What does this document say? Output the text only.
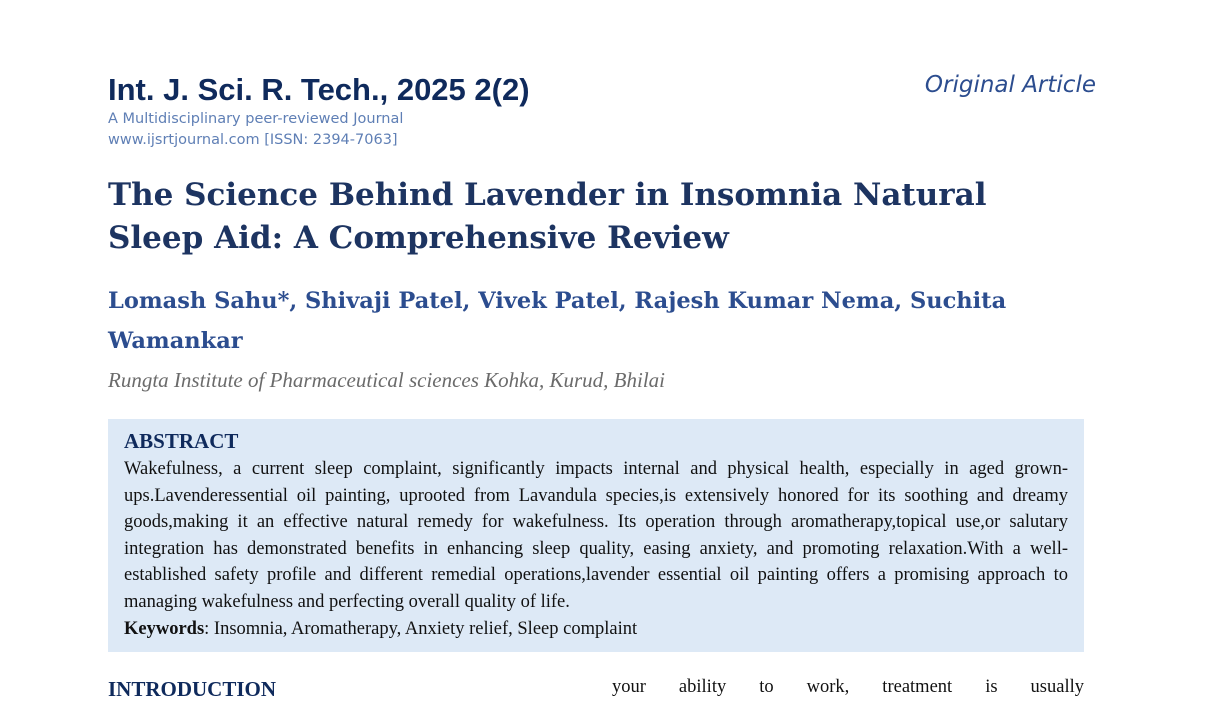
Int. J. Sci. R. Tech., 2025 2(2)	Original Article
A Multidisciplinary peer-reviewed Journal
www.ijsrtjournal.com [ISSN: 2394-7063]
The Science Behind Lavender in Insomnia Natural Sleep Aid: A Comprehensive Review
Lomash Sahu*, Shivaji Patel, Vivek Patel, Rajesh Kumar Nema, Suchita Wamankar
Rungta Institute of Pharmaceutical sciences Kohka, Kurud, Bhilai
ABSTRACT

Wakefulness, a current sleep complaint, significantly impacts internal and physical health, especially in aged grown-ups.Lavenderessential oil painting, uprooted from Lavandula species,is extensively honored for its soothing and dreamy goods,making it an effective natural remedy for wakefulness. Its operation through aromatherapy,topical use,or salutary integration has demonstrated benefits in enhancing sleep quality, easing anxiety, and promoting relaxation.With a well-established safety profile and different remedial operations,lavender essential oil painting offers a promising approach to managing wakefulness and perfecting overall quality of life.

Keywords: Insomnia, Aromatherapy, Anxiety relief, Sleep complaint

INTRODUCTION	your ability to work, treatment is usually
